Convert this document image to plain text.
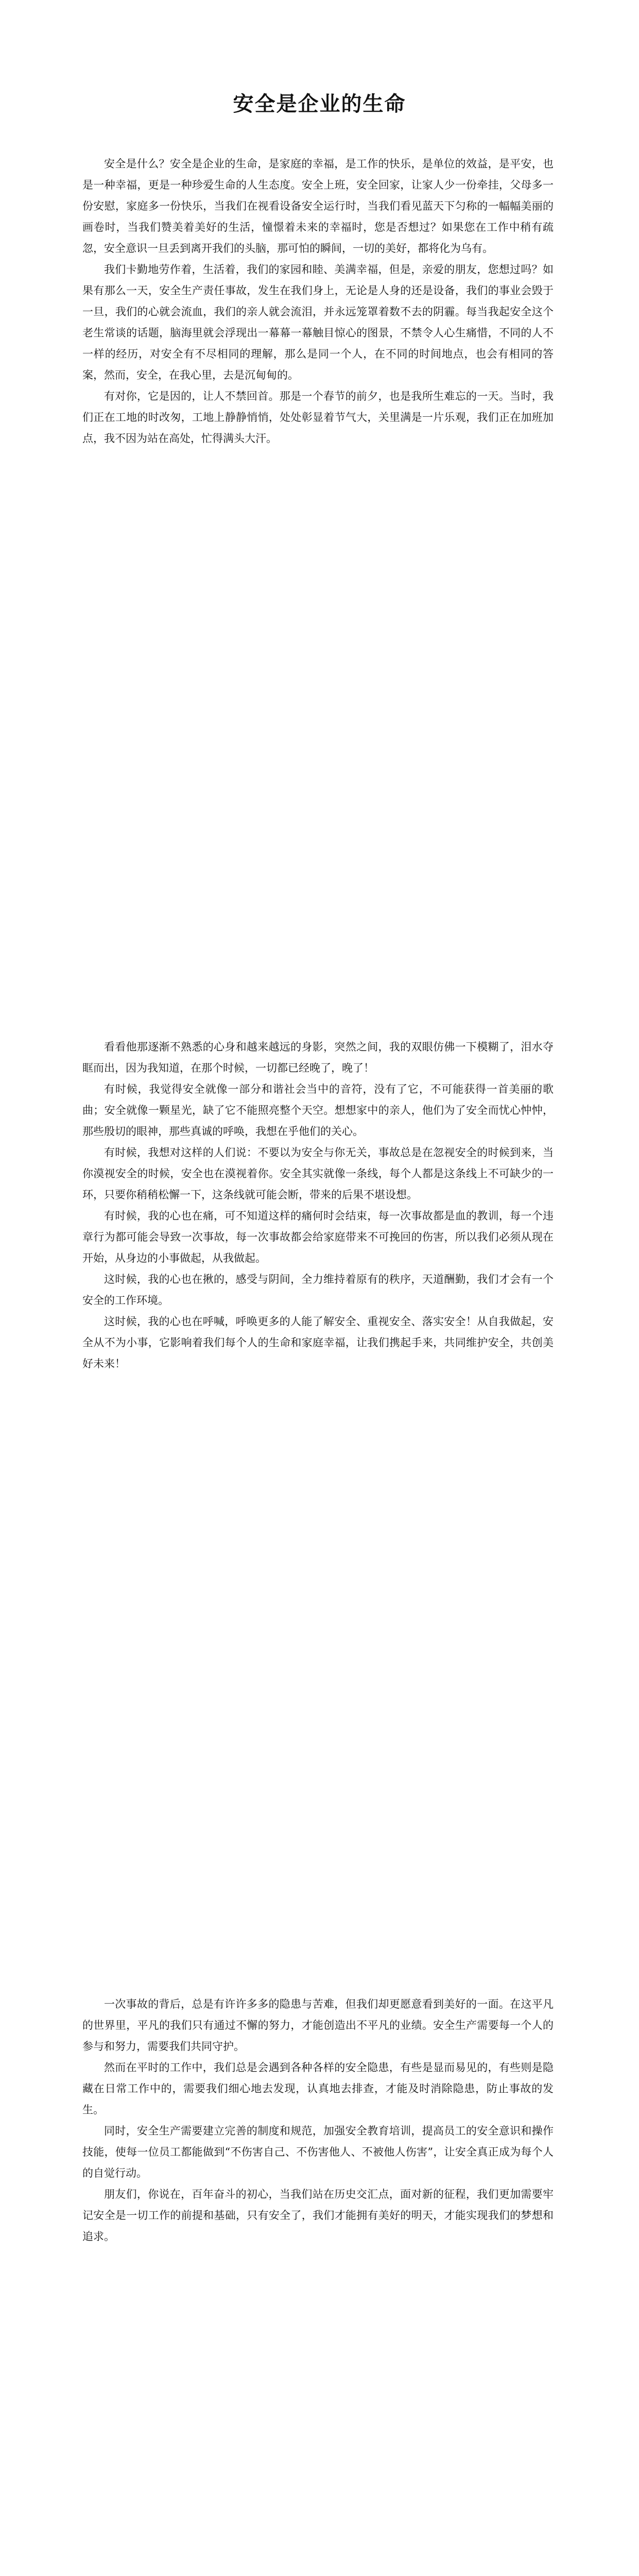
安全是企业的生命

安全是什么？安全是企业的生命，是家庭的幸福，是工作的快乐，是单位的效益，是平安，也是一种幸福，更是一种珍爱生命的人生态度。安全上班，安全回家，让家人少一份牵挂，父母多一份安慰，家庭多一份快乐，当我们在视看设备安全运行时，当我们看见蓝天下匀称的一幅幅美丽的画卷时，当我们赞美着美好的生活，憧憬着未来的幸福时，您是否想过？如果您在工作中稍有疏忽，安全意识一旦丢到离开我们的头脑，那可怕的瞬间，一切的美好，都将化为乌有。

我们卡勤地劳作着，生活着，我们的家园和睦、美满幸福，但是，亲爱的朋友，您想过吗？如果有那么一天，安全生产责任事故，发生在我们身上，无论是人身的还是设备，我们的事业会毁于一旦，我们的心就会流血，我们的亲人就会流泪，并永远笼罩着数不去的阴霾。每当我起安全这个老生常谈的话题，脑海里就会浮现出一幕幕一幕触目惊心的图景，不禁令人心生痛惜，不同的人不一样的经历，对安全有不尽相同的理解，那么是同一个人，在不同的时间地点，也会有相同的答案，然而，安全，在我心里，去是沉甸甸的。

有对你，它是因的，让人不禁回首。那是一个春节的前夕，也是我所生难忘的一天。当时，我们正在工地的时改匆，工地上静静悄悄，处处彰显着节气大，关里满是一片乐观，我们正在加班加点，我不因为站在高处，忙得满头大汗。

看看他那逐渐不熟悉的心身和越来越远的身影，突然之间，我的双眼仿佛一下模糊了，泪水夺眶而出，因为我知道，在那个时候，一切都已经晚了，晚了！

有时候，我觉得安全就像一部分和谐社会当中的音符，没有了它，不可能获得一首美丽的歌曲；安全就像一颗星光，缺了它不能照亮整个天空。想想家中的亲人，他们为了安全而忧心忡忡，那些殷切的眼神，那些真诚的呼唤，我想在乎他们的关心。

有时候，我想对这样的人们说：不要以为安全与你无关，事故总是在忽视安全的时候到来，当你漠视安全的时候，安全也在漠视着你。安全其实就像一条线，每个人都是这条线上不可缺少的一环，只要你稍稍松懈一下，这条线就可能会断，带来的后果不堪设想。

有时候，我的心也在痛，可不知道这样的痛何时会结束，每一次事故都是血的教训，每一个违章行为都可能会导致一次事故，每一次事故都会给家庭带来不可挽回的伤害，所以我们必须从现在开始，从身边的小事做起，从我做起。

这时候，我的心也在揪的，感受与阴间，全力维持着原有的秩序，天道酬勤，我们才会有一个安全的工作环境。

这时候，我的心也在呼喊，呼唤更多的人能了解安全、重视安全、落实安全！从自我做起，安全从不为小事，它影响着我们每个人的生命和家庭幸福，让我们携起手来，共同维护安全，共创美好未来！

一次事故的背后，总是有许许多多的隐患与苦难，但我们却更愿意看到美好的一面。在这平凡的世界里，平凡的我们只有通过不懈的努力，才能创造出不平凡的业绩。安全生产需要每一个人的参与和努力，需要我们共同守护。

然而在平时的工作中，我们总是会遇到各种各样的安全隐患，有些是显而易见的，有些则是隐藏在日常工作中的，需要我们细心地去发现，认真地去排查，才能及时消除隐患，防止事故的发生。

同时，安全生产需要建立完善的制度和规范，加强安全教育培训，提高员工的安全意识和操作技能，使每一位员工都能做到“不伤害自己、不伤害他人、不被他人伤害”，让安全真正成为每个人的自觉行动。

朋友们，你说在，百年奋斗的初心，当我们站在历史交汇点，面对新的征程，我们更加需要牢记安全是一切工作的前提和基础，只有安全了，我们才能拥有美好的明天，才能实现我们的梦想和追求。
